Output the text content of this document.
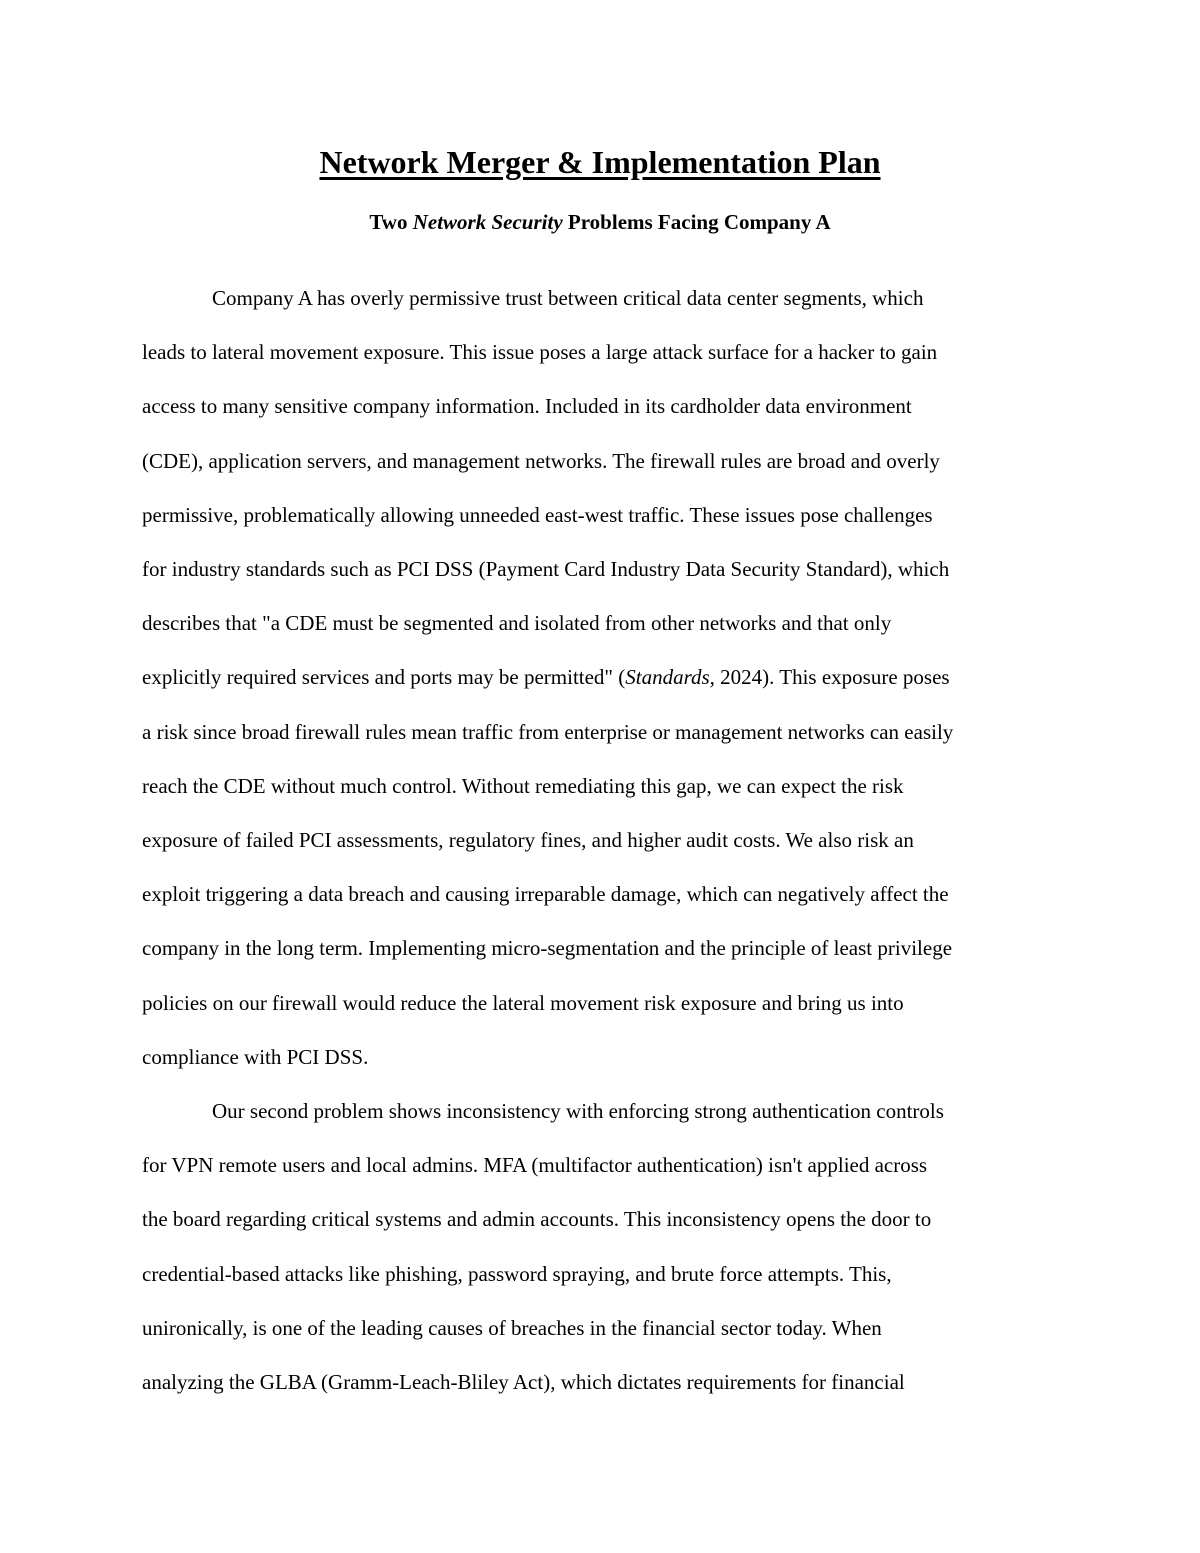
Network Merger & Implementation Plan
Two Network Security Problems Facing Company A
Company A has overly permissive trust between critical data center segments, which
leads to lateral movement exposure. This issue poses a large attack surface for a hacker to gain
access to many sensitive company information. Included in its cardholder data environment
(CDE), application servers, and management networks. The firewall rules are broad and overly
permissive, problematically allowing unneeded east-west traffic. These issues pose challenges
for industry standards such as PCI DSS (Payment Card Industry Data Security Standard), which
describes that "a CDE must be segmented and isolated from other networks and that only
explicitly required services and ports may be permitted" (Standards, 2024). This exposure poses
a risk since broad firewall rules mean traffic from enterprise or management networks can easily
reach the CDE without much control. Without remediating this gap, we can expect the risk
exposure of failed PCI assessments, regulatory fines, and higher audit costs. We also risk an
exploit triggering a data breach and causing irreparable damage, which can negatively affect the
company in the long term. Implementing micro-segmentation and the principle of least privilege
policies on our firewall would reduce the lateral movement risk exposure and bring us into
compliance with PCI DSS.
Our second problem shows inconsistency with enforcing strong authentication controls
for VPN remote users and local admins. MFA (multifactor authentication) isn't applied across
the board regarding critical systems and admin accounts. This inconsistency opens the door to
credential-based attacks like phishing, password spraying, and brute force attempts. This,
unironically, is one of the leading causes of breaches in the financial sector today. When
analyzing the GLBA (Gramm-Leach-Bliley Act), which dictates requirements for financial
